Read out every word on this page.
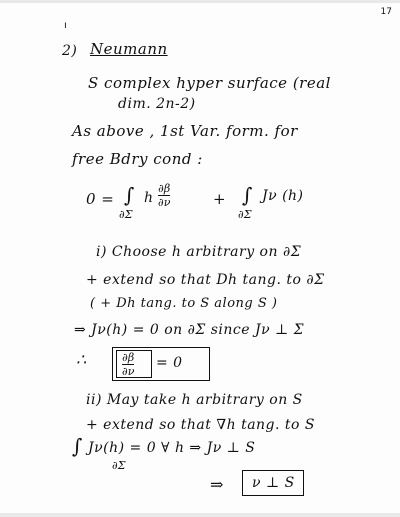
17
ı
2) Neumann
S complex hyper surface (real
dim. 2n-2)
As above , 1st Var. form. for
free Bdry cond :
0 = ∫
∂Σ
h $\frac{\partial\beta}{\partial\nu}$	+ ∫
∂Σ
Jν (h)
i) Choose h arbitrary on ∂Σ
+ extend so that Dh tang. to ∂Σ
( + Dh tang. to S along S )
⇒ Jν(h) = 0 on ∂Σ since Jν ⊥ Σ
∴	$\frac{\partial\beta}{\partial\nu} = 0$
ii) May take h arbitrary on S
+ extend so that ∇h tang. to S
∫ Jν(h) = 0 ∀ h ⇒ Jν ⊥ S
∂Σ
⇒ ν ⊥ S
